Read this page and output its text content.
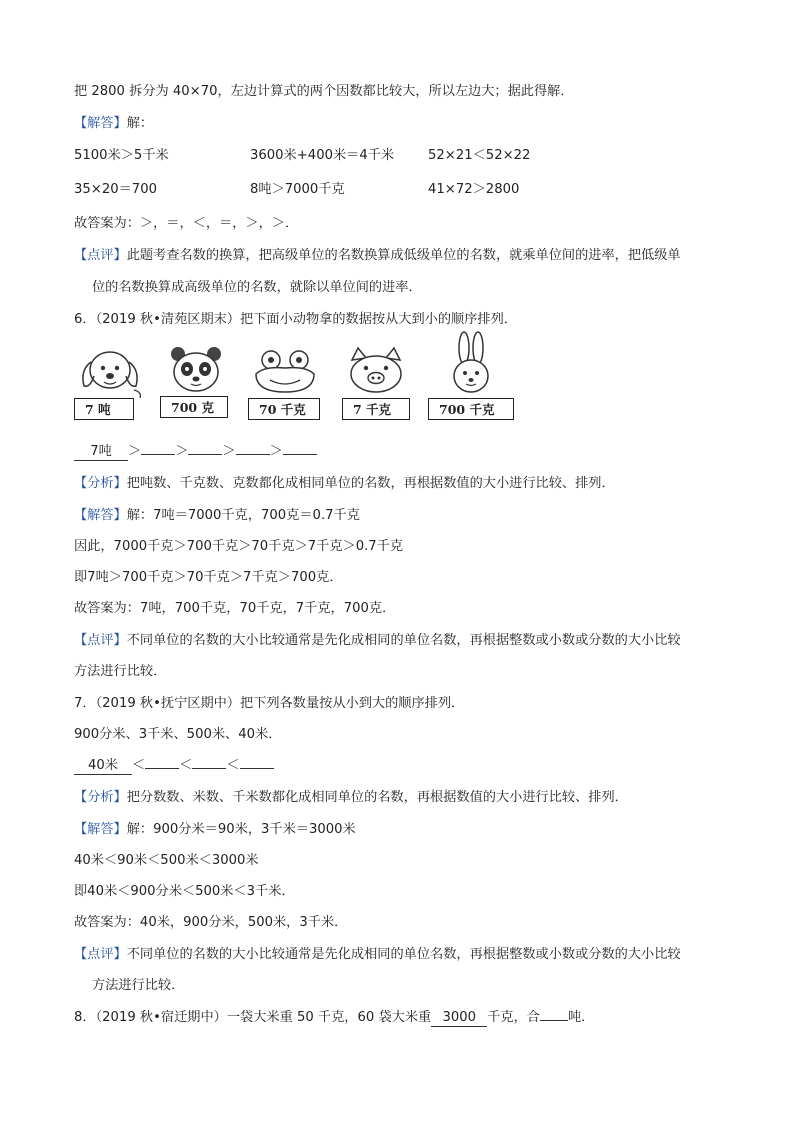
把 2800 拆分为 40×70，左边计算式的两个因数都比较大，所以左边大；据此得解．
【解答】解：
5100米＞5千米	3600米+400米＝4千米	52×21＜52×22
35×20＝700	8吨＞7000千克	41×72＞2800
故答案为：＞，＝，＜，＝，＞，＞．
【点评】此题考查名数的换算，把高级单位的名数换算成低级单位的名数，就乘单位间的进率，把低级单
位的名数换算成高级单位的名数，就除以单位间的进率．
6．（2019 秋•清苑区期末）把下面小动物拿的数据按从大到小的顺序排列．
7 吨	700 克	70 千克	7 千克	700 千克
7吨 ＞	＞	＞	＞
【分析】把吨数、千克数、克数都化成相同单位的名数，再根据数值的大小进行比较、排列．
【解答】解：7吨＝7000千克，700克＝0.7千克
因此，7000千克＞700千克＞70千克＞7千克＞0.7千克
即7吨＞700千克＞70千克＞7千克＞700克．
故答案为：7吨，700千克，70千克，7千克，700克．
【点评】不同单位的名数的大小比较通常是先化成相同的单位名数，再根据整数或小数或分数的大小比较
方法进行比较．
7．（2019 秋•抚宁区期中）把下列各数量按从小到大的顺序排列．
900分米、3千米、500米、40米．
40米 ＜	＜	＜
【分析】把分数数、米数、千米数都化成相同单位的名数，再根据数值的大小进行比较、排列．
【解答】解：900分米＝90米，3千米＝3000米
40米＜90米＜500米＜3000米
即40米＜900分米＜500米＜3千米．
故答案为：40米，900分米，500米，3千米．
【点评】不同单位的名数的大小比较通常是先化成相同的单位名数，再根据整数或小数或分数的大小比较
方法进行比较．
8．（2019 秋•宿迁期中）一袋大米重 50 千克，60 袋大米重 3000 千克，合 吨．
